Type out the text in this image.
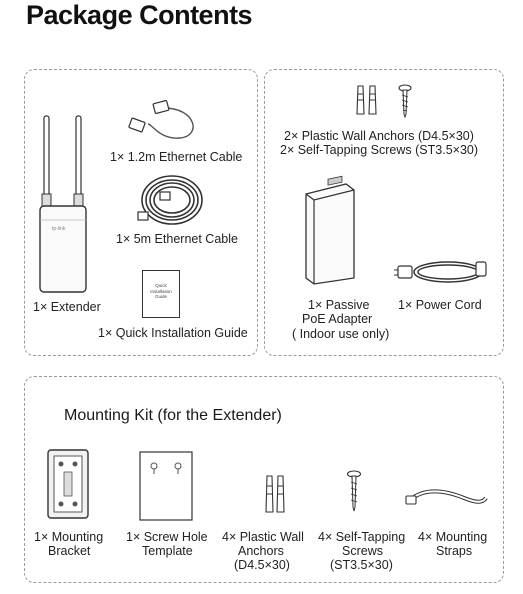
Package Contents
tp-link
1× 1.2m Ethernet Cable
1× 5m Ethernet Cable
1× Extender
Quick
Installation
Guide
1× Quick Installation Guide
2× Plastic Wall Anchors (D4.5×30)
2× Self-Tapping Screws (ST3.5×30)
1× Passive
PoE Adapter
( Indoor use only)
1× Power Cord
Mounting Kit (for the Extender)
1× Mounting
Bracket
1× Screw Hole
Template
4× Plastic Wall
Anchors
(D4.5×30)
4× Self-Tapping
Screws
(ST3.5×30)
4× Mounting
Straps
